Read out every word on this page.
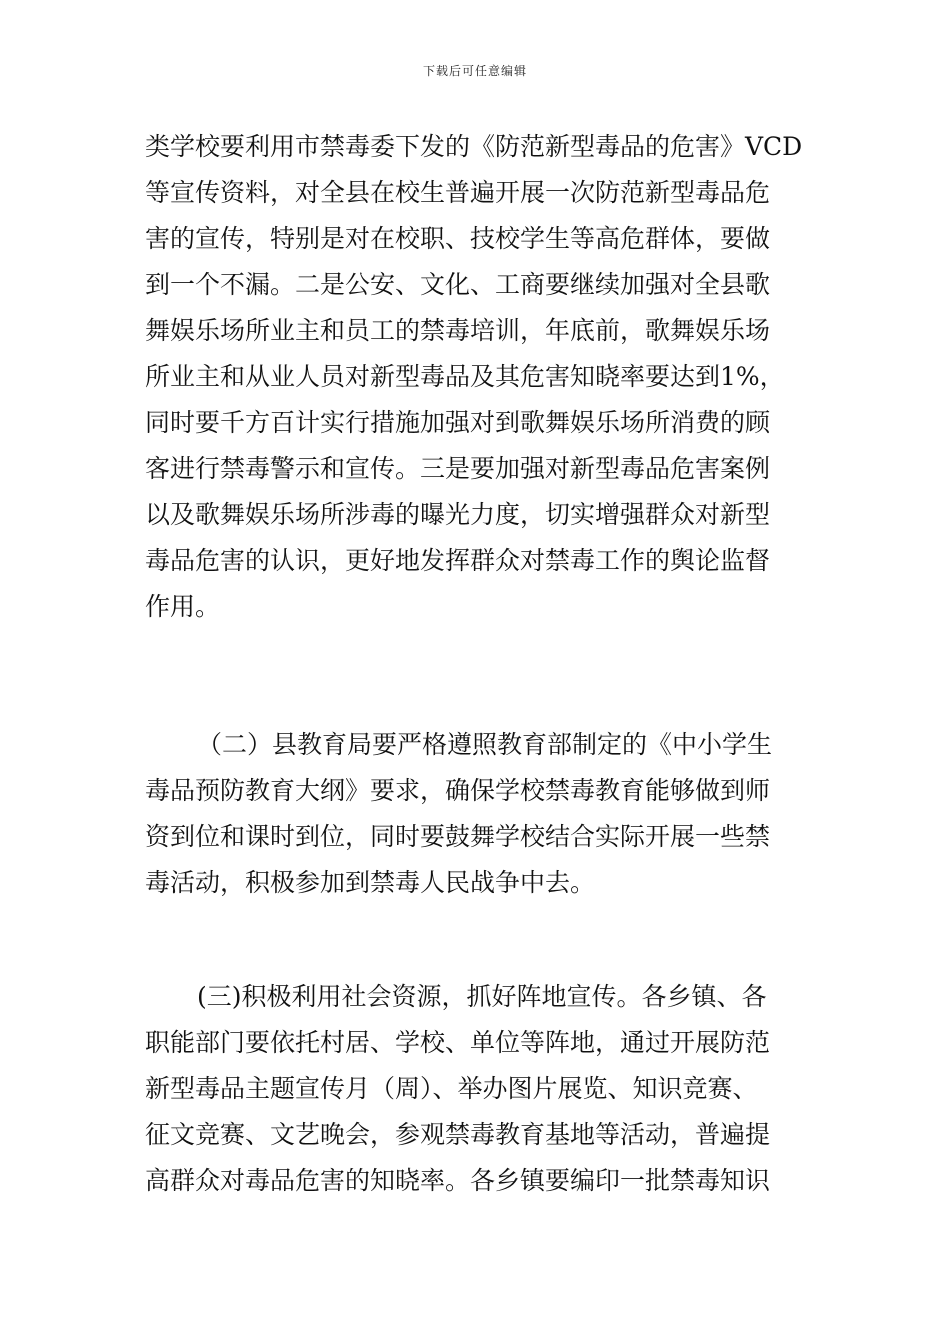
下载后可任意编辑
类学校要利用市禁毒委下发的《防范新型毒品的危害》VCD
等宣传资料，对全县在校生普遍开展一次防范新型毒品危
害的宣传，特别是对在校职、技校学生等高危群体，要做
到一个不漏。二是公安、文化、工商要继续加强对全县歌
舞娱乐场所业主和员工的禁毒培训，年底前，歌舞娱乐场
所业主和从业人员对新型毒品及其危害知晓率要达到1%，
同时要千方百计实行措施加强对到歌舞娱乐场所消费的顾
客进行禁毒警示和宣传。三是要加强对新型毒品危害案例
以及歌舞娱乐场所涉毒的曝光力度，切实增强群众对新型
毒品危害的认识，更好地发挥群众对禁毒工作的舆论监督
作用。
（二）县教育局要严格遵照教育部制定的《中小学生
毒品预防教育大纲》要求，确保学校禁毒教育能够做到师
资到位和课时到位，同时要鼓舞学校结合实际开展一些禁
毒活动，积极参加到禁毒人民战争中去。
(三)积极利用社会资源，抓好阵地宣传。各乡镇、各
职能部门要依托村居、学校、单位等阵地，通过开展防范
新型毒品主题宣传月（周）、举办图片展览、知识竞赛、
征文竞赛、文艺晚会，参观禁毒教育基地等活动，普遍提
高群众对毒品危害的知晓率。各乡镇要编印一批禁毒知识
